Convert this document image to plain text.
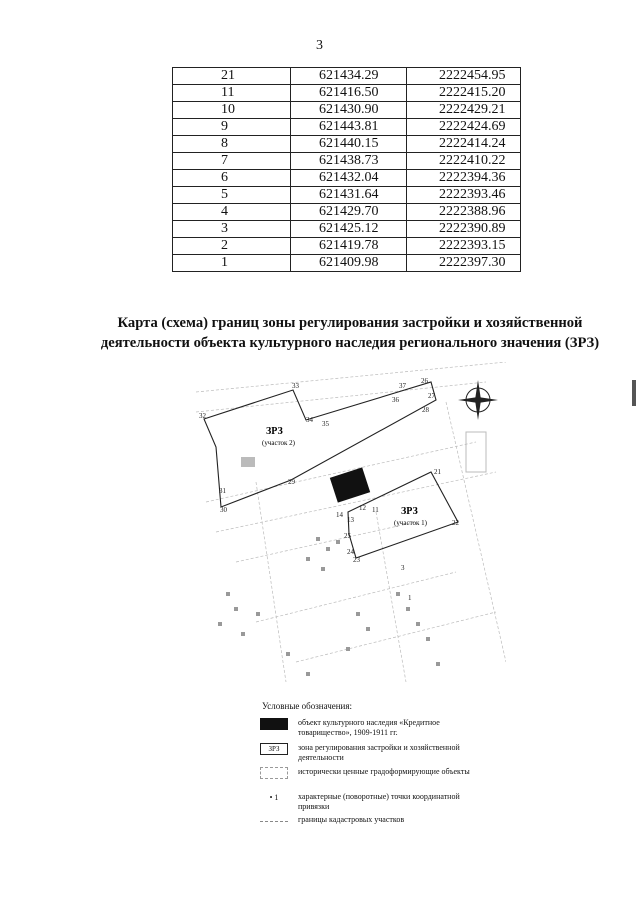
3
21	621434.29	2222454.95
11	621416.50	2222415.20
10	621430.90	2222429.21
9	621443.81	2222424.69
8	621440.15	2222414.24
7	621438.73	2222410.22
6	621432.04	2222394.36
5	621431.64	2222393.46
4	621429.70	2222388.96
3	621425.12	2222390.89
2	621419.78	2222393.15
1	621409.98	2222397.30
Карта (схема) границ зоны регулирования застройки и хозяйственной
деятельности объекта культурного наследия регионального значения (ЗРЗ)
ЗРЗ
(участок 2)
ЗРЗ
(участок 1)
33
34 35
32
31
30
29
37
36
26
27
28
21
22
12 11
14
13
25
24
23
3
1
Условные обозначения:
объект культурного наследия «Кредитное товарищество», 1909-1911 гг.
ЗРЗ	зона регулирования застройки и хозяйственной деятельности
исторически ценные градоформирующие объекты
• 1	характерные (поворотные) точки координатной привязки
границы кадастровых участков
